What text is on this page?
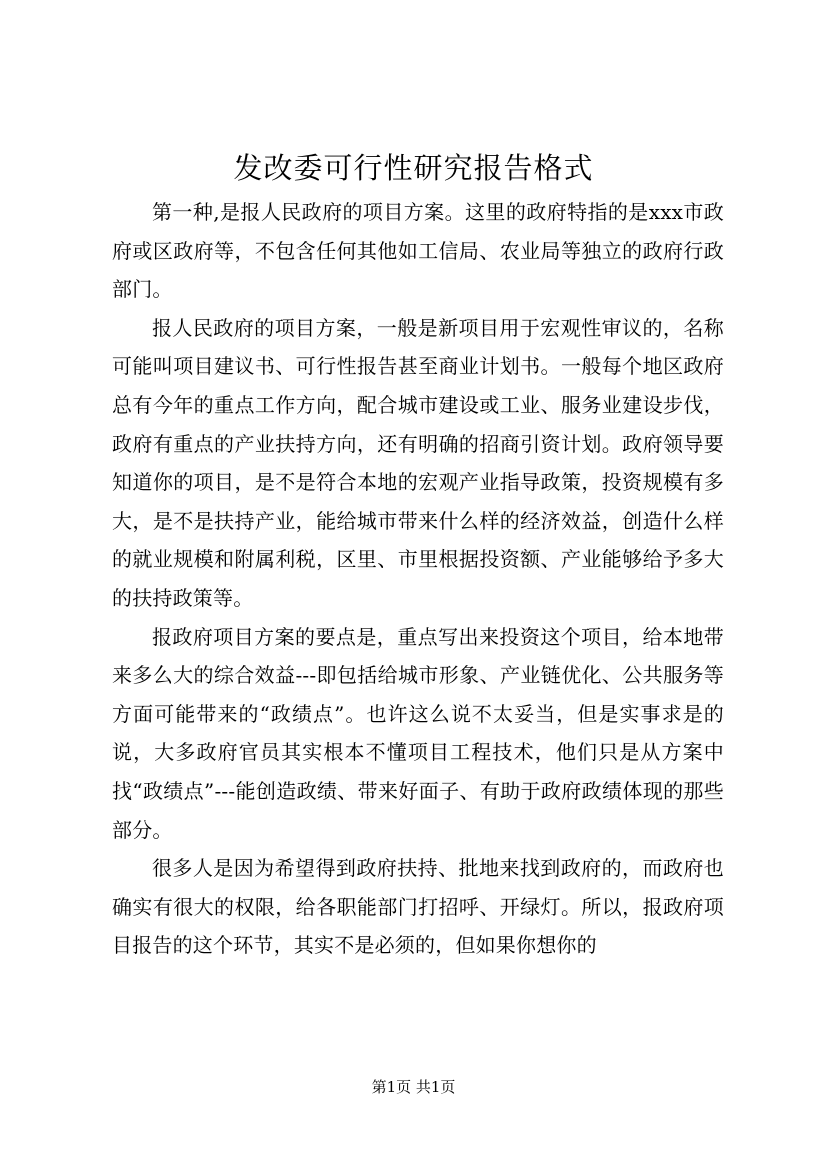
发改委可行性研究报告格式

第一种,是报人民政府的项目方案。这里的政府特指的是xxx市政府或区政府等，不包含任何其他如工信局、农业局等独立的政府行政部门。

报人民政府的项目方案，一般是新项目用于宏观性审议的，名称可能叫项目建议书、可行性报告甚至商业计划书。一般每个地区政府总有今年的重点工作方向，配合城市建设或工业、服务业建设步伐，政府有重点的产业扶持方向，还有明确的招商引资计划。政府领导要知道你的项目，是不是符合本地的宏观产业指导政策，投资规模有多大，是不是扶持产业，能给城市带来什么样的经济效益，创造什么样的就业规模和附属利税，区里、市里根据投资额、产业能够给予多大的扶持政策等。

报政府项目方案的要点是，重点写出来投资这个项目，给本地带来多么大的综合效益---即包括给城市形象、产业链优化、公共服务等方面可能带来的“政绩点”。也许这么说不太妥当，但是实事求是的说，大多政府官员其实根本不懂项目工程技术，他们只是从方案中找“政绩点”---能创造政绩、带来好面子、有助于政府政绩体现的那些部分。

很多人是因为希望得到政府扶持、批地来找到政府的，而政府也确实有很大的权限，给各职能部门打招呼、开绿灯。所以，报政府项目报告的这个环节，其实不是必须的，但如果你想你的

第1页 共1页
